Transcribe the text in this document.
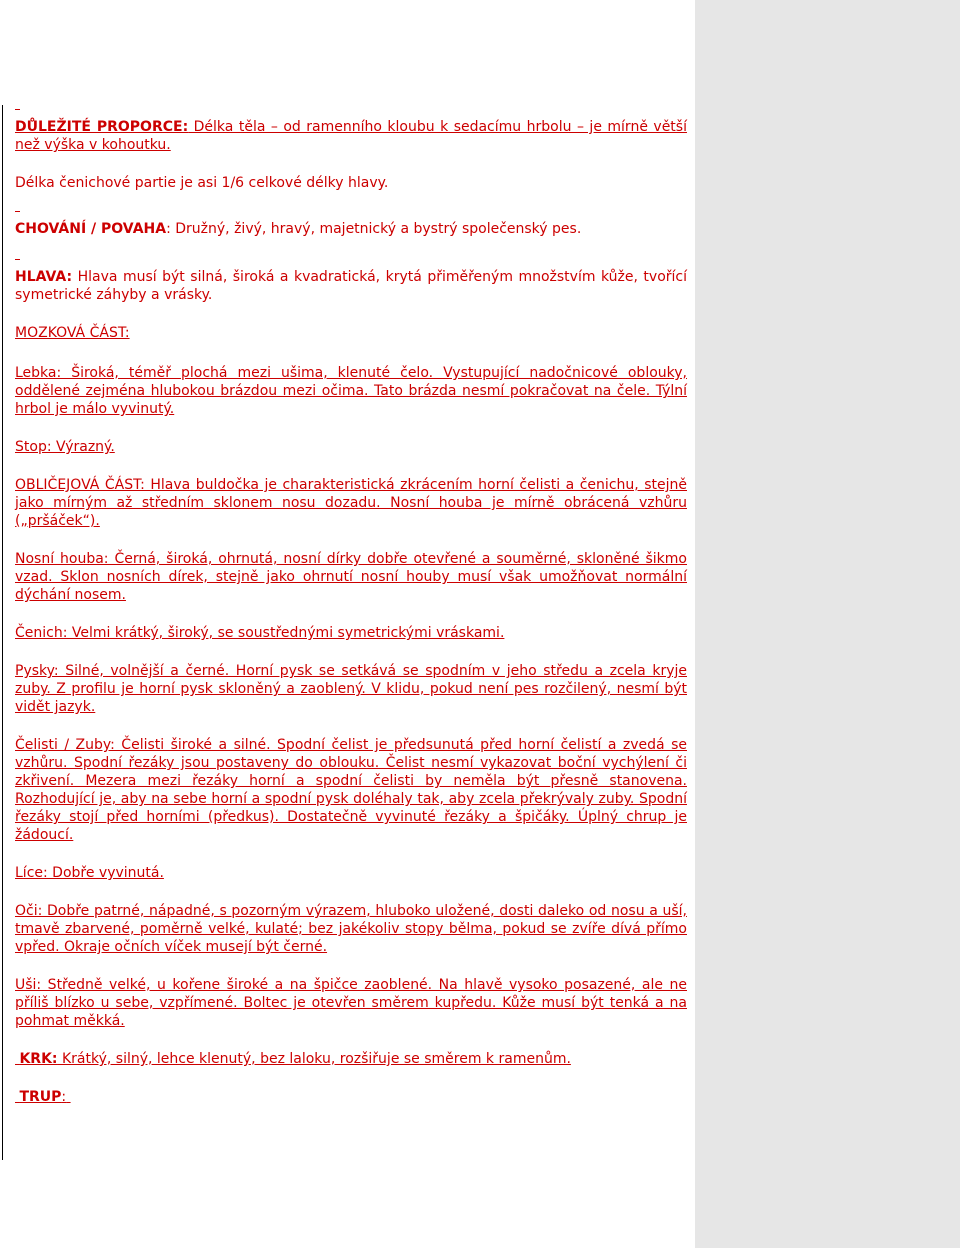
DŮLEŽITÉ PROPORCE: Délka těla – od ramenního kloubu k sedacímu hrbolu – je mírně větší než výška v kohoutku.

Délka čenichové partie je asi 1/6 celkové délky hlavy.

CHOVÁNÍ / POVAHA: Družný, živý, hravý, majetnický a bystrý společenský pes.

HLAVA: Hlava musí být silná, široká a kvadratická, krytá přiměřeným množstvím kůže, tvořící symetrické záhyby a vrásky.

MOZKOVÁ ČÁST:

Lebka: Široká, téměř plochá mezi ušima, klenuté čelo. Vystupující nadočnicové oblouky, oddělené zejména hlubokou brázdou mezi očima. Tato brázda nesmí pokračovat na čele. Týlní hrbol je málo vyvinutý.

Stop: Výrazný.

OBLIČEJOVÁ ČÁST: Hlava buldočka je charakteristická zkrácením horní čelisti a čenichu, stejně jako mírným až středním sklonem nosu dozadu. Nosní houba je mírně obrácená vzhůru („pršáček“).

Nosní houba: Černá, široká, ohrnutá, nosní dírky dobře otevřené a souměrné, skloněné šikmo vzad. Sklon nosních dírek, stejně jako ohrnutí nosní houby musí však umožňovat normální dýchání nosem.

Čenich: Velmi krátký, široký, se soustřednými symetrickými vráskami.

Pysky: Silné, volnější a černé. Horní pysk se setkává se spodním v jeho středu a zcela kryje zuby. Z profilu je horní pysk skloněný a zaoblený. V klidu, pokud není pes rozčilený, nesmí být vidět jazyk.

Čelisti / Zuby: Čelisti široké a silné. Spodní čelist je předsunutá před horní čelistí a zvedá se vzhůru. Spodní řezáky jsou postaveny do oblouku. Čelist nesmí vykazovat boční vychýlení či zkřivení. Mezera mezi řezáky horní a spodní čelisti by neměla být přesně stanovena. Rozhodující je, aby na sebe horní a spodní pysk doléhaly tak, aby zcela překrývaly zuby. Spodní řezáky stojí před horními (předkus). Dostatečně vyvinuté řezáky a špičáky. Úplný chrup je žádoucí.

Líce: Dobře vyvinutá.

Oči: Dobře patrné, nápadné, s pozorným výrazem, hluboko uložené, dosti daleko od nosu a uší, tmavě zbarvené, poměrně velké, kulaté; bez jakékoliv stopy bělma, pokud se zvíře dívá přímo vpřed. Okraje očních víček musejí být černé.

Uši: Středně velké, u kořene široké a na špičce zaoblené. Na hlavě vysoko posazené, ale ne příliš blízko u sebe, vzpřímené. Boltec je otevřen směrem kupředu. Kůže musí být tenká a na pohmat měkká.

KRK: Krátký, silný, lehce klenutý, bez laloku, rozšiřuje se směrem k ramenům.

TRUP:
